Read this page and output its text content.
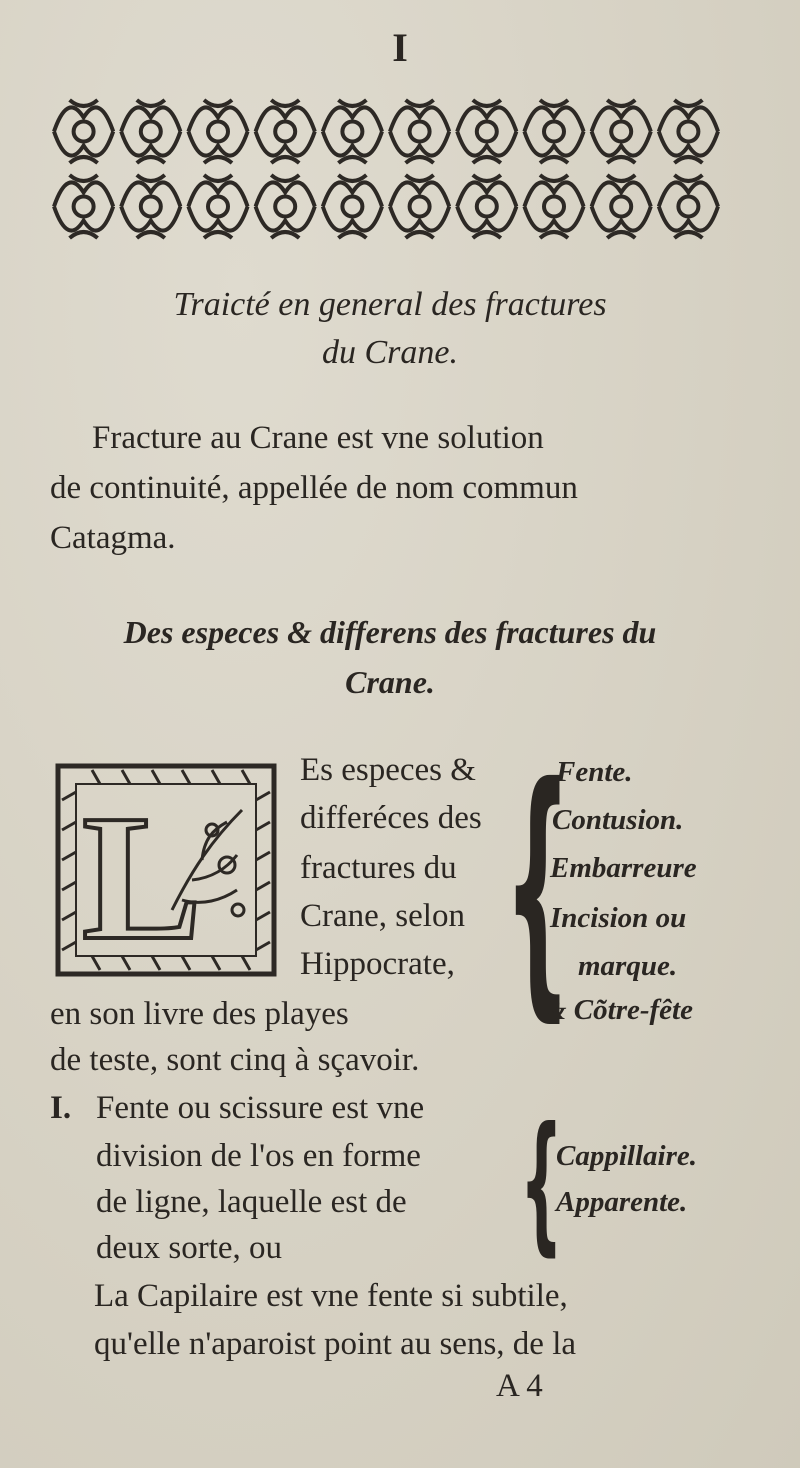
I
Traicté en general des fractures
du Crane.
Fracture au Crane est vne solution
de continuité, appellée de nom commun
Catagma.
Des especes & differens des fractures du
Crane.
L
Es especes &
differéces des
fractures du
Crane, selon
Hippocrate,
en son livre des playes
de teste, sont cinq à sçavoir.
{
Fente.
Contusion.
Embarreure
Incision ou
marque.
& Cõtre-fête
I. Fente ou scissure est vne
division de l'os en forme
de ligne, laquelle est de
deux sorte, ou {
Cappillaire.
Apparente.
La Capilaire est vne fente si subtile,
qu'elle n'aparoist point au sens, de la
A 4
